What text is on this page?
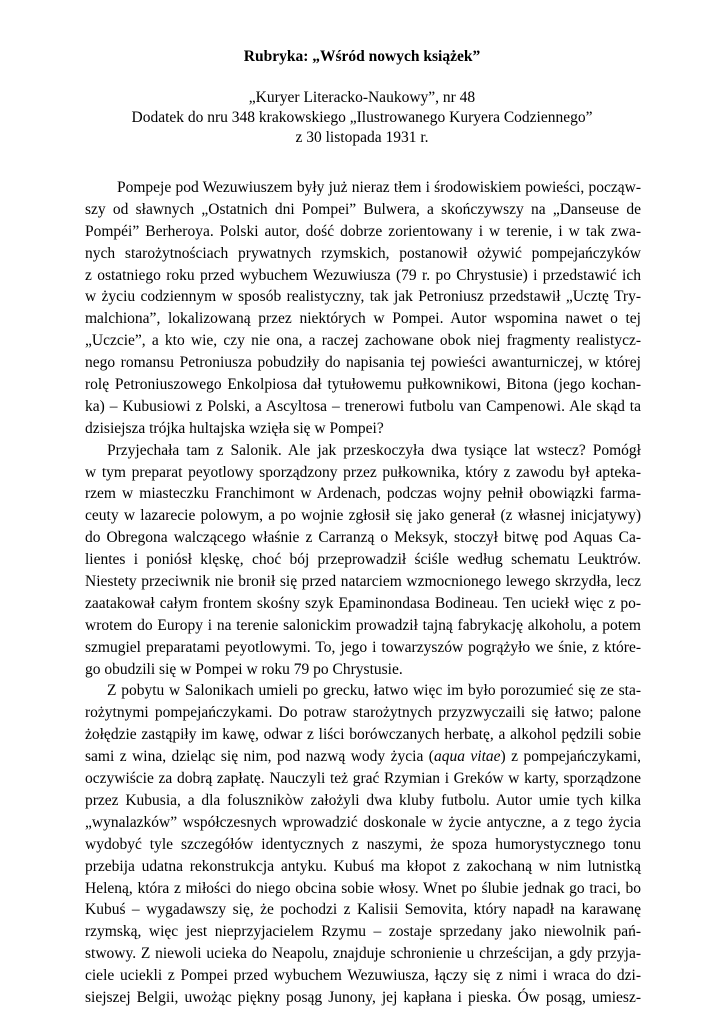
Rubryka: „Wśród nowych książek”
„Kuryer Literacko-Naukowy”, nr 48
Dodatek do nru 348 krakowskiego „Ilustrowanego Kuryera Codziennego”
z 30 listopada 1931 r.
Pompeje pod Wezuwiuszem były już nieraz tłem i środowiskiem powieści, począw-
szy od sławnych „Ostatnich dni Pompei” Bulwera, a skończywszy na „Danseuse de
Pompéi” Berheroya. Polski autor, dość dobrze zorientowany i w terenie, i w tak zwa-
nych starożytnościach prywatnych rzymskich, postanowił ożywić pompejańczyków
z ostatniego roku przed wybuchem Wezuwiusza (79 r. po Chrystusie) i przedstawić ich
w życiu codziennym w sposób realistyczny, tak jak Petroniusz przedstawił „Ucztę Try-
malchiona”, lokalizowaną przez niektórych w Pompei. Autor wspomina nawet o tej
„Uczcie”, a kto wie, czy nie ona, a raczej zachowane obok niej fragmenty realistycz-
nego romansu Petroniusza pobudziły do napisania tej powieści awanturniczej, w której
rolę Petroniuszowego Enkolpiosa dał tytułowemu pułkownikowi, Bitona (jego kochan-
ka) – Kubusiowi z Polski, a Ascyltosa – trenerowi futbolu van Campenowi. Ale skąd ta
dzisiejsza trójka hultajska wzięła się w Pompei?
Przyjechała tam z Salonik. Ale jak przeskoczyła dwa tysiące lat wstecz? Pomógł
w tym preparat peyotlowy sporządzony przez pułkownika, który z zawodu był apteka-
rzem w miasteczku Franchimont w Ardenach, podczas wojny pełnił obowiązki farma-
ceuty w lazarecie polowym, a po wojnie zgłosił się jako generał (z własnej inicjatywy)
do Obregona walczącego właśnie z Carranzą o Meksyk, stoczył bitwę pod Aquas Ca-
lientes i poniósł klęskę, choć bój przeprowadził ściśle według schematu Leuktrów.
Niestety przeciwnik nie bronił się przed natarciem wzmocnionego lewego skrzydła, lecz
zaatakował całym frontem skośny szyk Epaminondasa Bodineau. Ten uciekł więc z po-
wrotem do Europy i na terenie salonickim prowadził tajną fabrykację alkoholu, a potem
szmugiel preparatami peyotlowymi. To, jego i towarzyszów pogrążyło we śnie, z które-
go obudzili się w Pompei w roku 79 po Chrystusie.
Z pobytu w Salonikach umieli po grecku, łatwo więc im było porozumieć się ze sta-
rożytnymi pompejańczykami. Do potraw starożytnych przyzwyczaili się łatwo; palone
żołędzie zastąpiły im kawę, odwar z liści borówczanych herbatę, a alkohol pędzili sobie
sami z wina, dzieląc się nim, pod nazwą wody życia (aqua vitae) z pompejańczykami,
oczywiście za dobrą zapłatę. Nauczyli też grać Rzymian i Greków w karty, sporządzone
przez Kubusia, a dla folusznikòw założyli dwa kluby futbolu. Autor umie tych kilka
„wynalazków” współczesnych wprowadzić doskonale w życie antyczne, a z tego życia
wydobyć tyle szczegółów identycznych z naszymi, że spoza humorystycznego tonu
przebija udatna rekonstrukcja antyku. Kubuś ma kłopot z zakochaną w nim lutnistką
Heleną, która z miłości do niego obcina sobie włosy. Wnet po ślubie jednak go traci, bo
Kubuś – wygadawszy się, że pochodzi z Kalisii Semovita, który napadł na karawanę
rzymską, więc jest nieprzyjacielem Rzymu – zostaje sprzedany jako niewolnik pań-
stwowy. Z niewoli ucieka do Neapolu, znajduje schronienie u chrześcijan, a gdy przyja-
ciele uciekli z Pompei przed wybuchem Wezuwiusza, łączy się z nimi i wraca do dzi-
siejszej Belgii, uwożąc piękny posąg Junony, jej kapłana i pieska. Ów posąg, umiesz-
